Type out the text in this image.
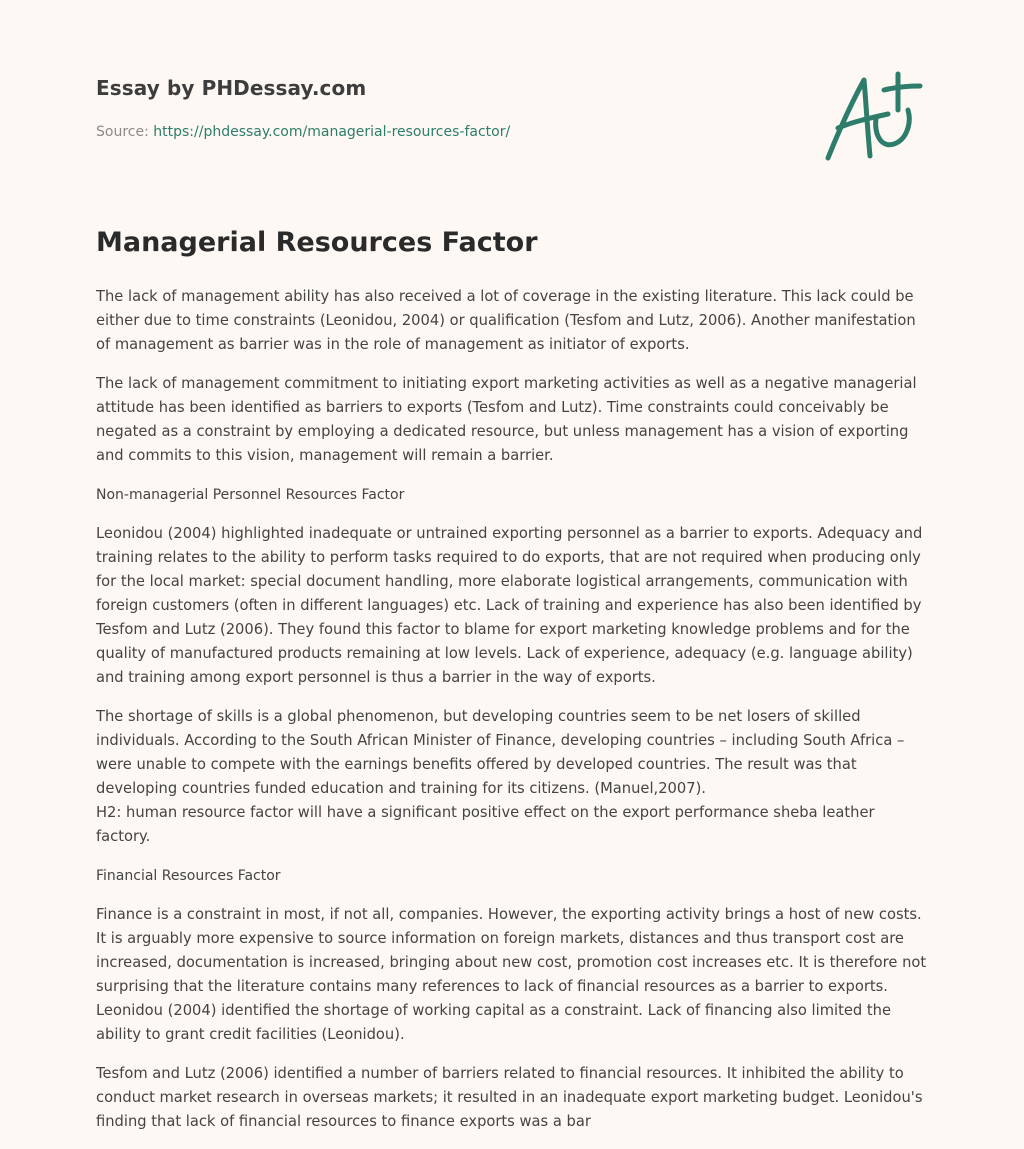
Essay by PHDessay.com
Source: https://phdessay.com/managerial-resources-factor/
Managerial Resources Factor

The lack of management ability has also received a lot of coverage in the existing literature. This lack could be either due to time constraints (Leonidou, 2004) or qualification (Tesfom and Lutz, 2006). Another manifestation of management as barrier was in the role of management as initiator of exports.

The lack of management commitment to initiating export marketing activities as well as a negative managerial attitude has been identified as barriers to exports (Tesfom and Lutz). Time constraints could conceivably be negated as a constraint by employing a dedicated resource, but unless management has a vision of exporting and commits to this vision, management will remain a barrier.

Non-managerial Personnel Resources Factor

Leonidou (2004) highlighted inadequate or untrained exporting personnel as a barrier to exports. Adequacy and training relates to the ability to perform tasks required to do exports, that are not required when producing only for the local market: special document handling, more elaborate logistical arrangements, communication with foreign customers (often in different languages) etc. Lack of training and experience has also been identified by Tesfom and Lutz (2006). They found this factor to blame for export marketing knowledge problems and for the quality of manufactured products remaining at low levels. Lack of experience, adequacy (e.g. language ability) and training among export personnel is thus a barrier in the way of exports.

The shortage of skills is a global phenomenon, but developing countries seem to be net losers of skilled individuals. According to the South African Minister of Finance, developing countries – including South Africa – were unable to compete with the earnings benefits offered by developed countries. The result was that developing countries funded education and training for its citizens. (Manuel,2007).
H2: human resource factor will have a significant positive effect on the export performance sheba leather factory.

Financial Resources Factor

Finance is a constraint in most, if not all, companies. However, the exporting activity brings a host of new costs. It is arguably more expensive to source information on foreign markets, distances and thus transport cost are increased, documentation is increased, bringing about new cost, promotion cost increases etc. It is therefore not surprising that the literature contains many references to lack of financial resources as a barrier to exports. Leonidou (2004) identified the shortage of working capital as a constraint. Lack of financing also limited the ability to grant credit facilities (Leonidou).

Tesfom and Lutz (2006) identified a number of barriers related to financial resources. It inhibited the ability to conduct market research in overseas markets; it resulted in an inadequate export marketing budget. Leonidou's finding that lack of financial resources to finance exports was a bar
